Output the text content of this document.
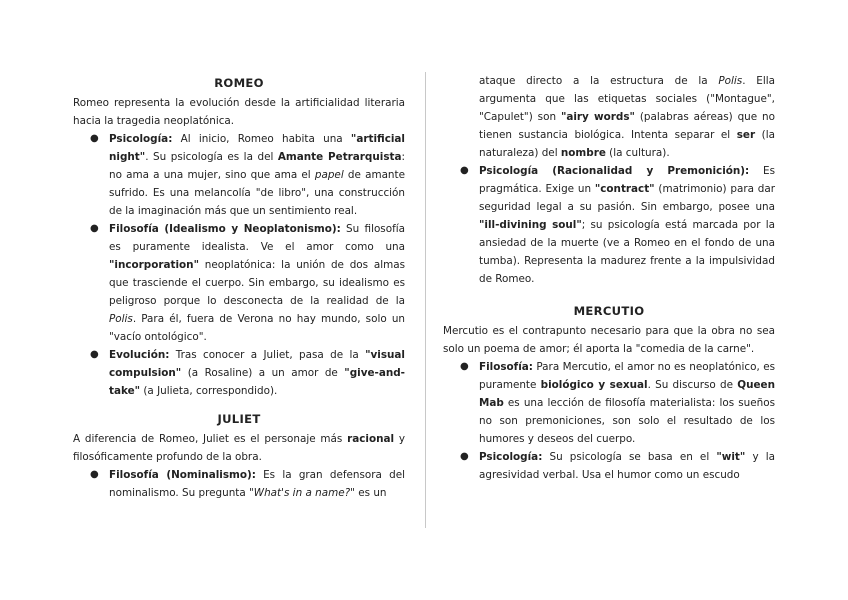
ROMEO

Romeo representa la evolución desde la artificialidad literaria hacia la tragedia neoplatónica.

● Psicología: Al inicio, Romeo habita una "artificial night". Su psicología es la del Amante Petrarquista: no ama a una mujer, sino que ama el papel de amante sufrido. Es una melancolía "de libro", una construcción de la imaginación más que un sentimiento real.
● Filosofía (Idealismo y Neoplatonismo): Su filosofía es puramente idealista. Ve el amor como una "incorporation" neoplatónica: la unión de dos almas que trasciende el cuerpo. Sin embargo, su idealismo es peligroso porque lo desconecta de la realidad de la Polis. Para él, fuera de Verona no hay mundo, solo un "vacío ontológico".
● Evolución: Tras conocer a Juliet, pasa de la "visual compulsion" (a Rosaline) a un amor de "give-and-take" (a Julieta, correspondido).
JULIET

A diferencia de Romeo, Juliet es el personaje más racional y filosóficamente profundo de la obra.

● Filosofía (Nominalismo): Es la gran defensora del nominalismo. Su pregunta "What's in a name?" es un
ataque directo a la estructura de la Polis. Ella argumenta que las etiquetas sociales ("Montague", "Capulet") son "airy words" (palabras aéreas) que no tienen sustancia biológica. Intenta separar el ser (la naturaleza) del nombre (la cultura).
● Psicología (Racionalidad y Premonición): Es pragmática. Exige un "contract" (matrimonio) para dar seguridad legal a su pasión. Sin embargo, posee una "ill-divining soul"; su psicología está marcada por la ansiedad de la muerte (ve a Romeo en el fondo de una tumba). Representa la madurez frente a la impulsividad de Romeo.
MERCUTIO

Mercutio es el contrapunto necesario para que la obra no sea solo un poema de amor; él aporta la "comedia de la carne".

● Filosofía: Para Mercutio, el amor no es neoplatónico, es puramente biológico y sexual. Su discurso de Queen Mab es una lección de filosofía materialista: los sueños no son premoniciones, son solo el resultado de los humores y deseos del cuerpo.
● Psicología: Su psicología se basa en el "wit" y la agresividad verbal. Usa el humor como un escudo
